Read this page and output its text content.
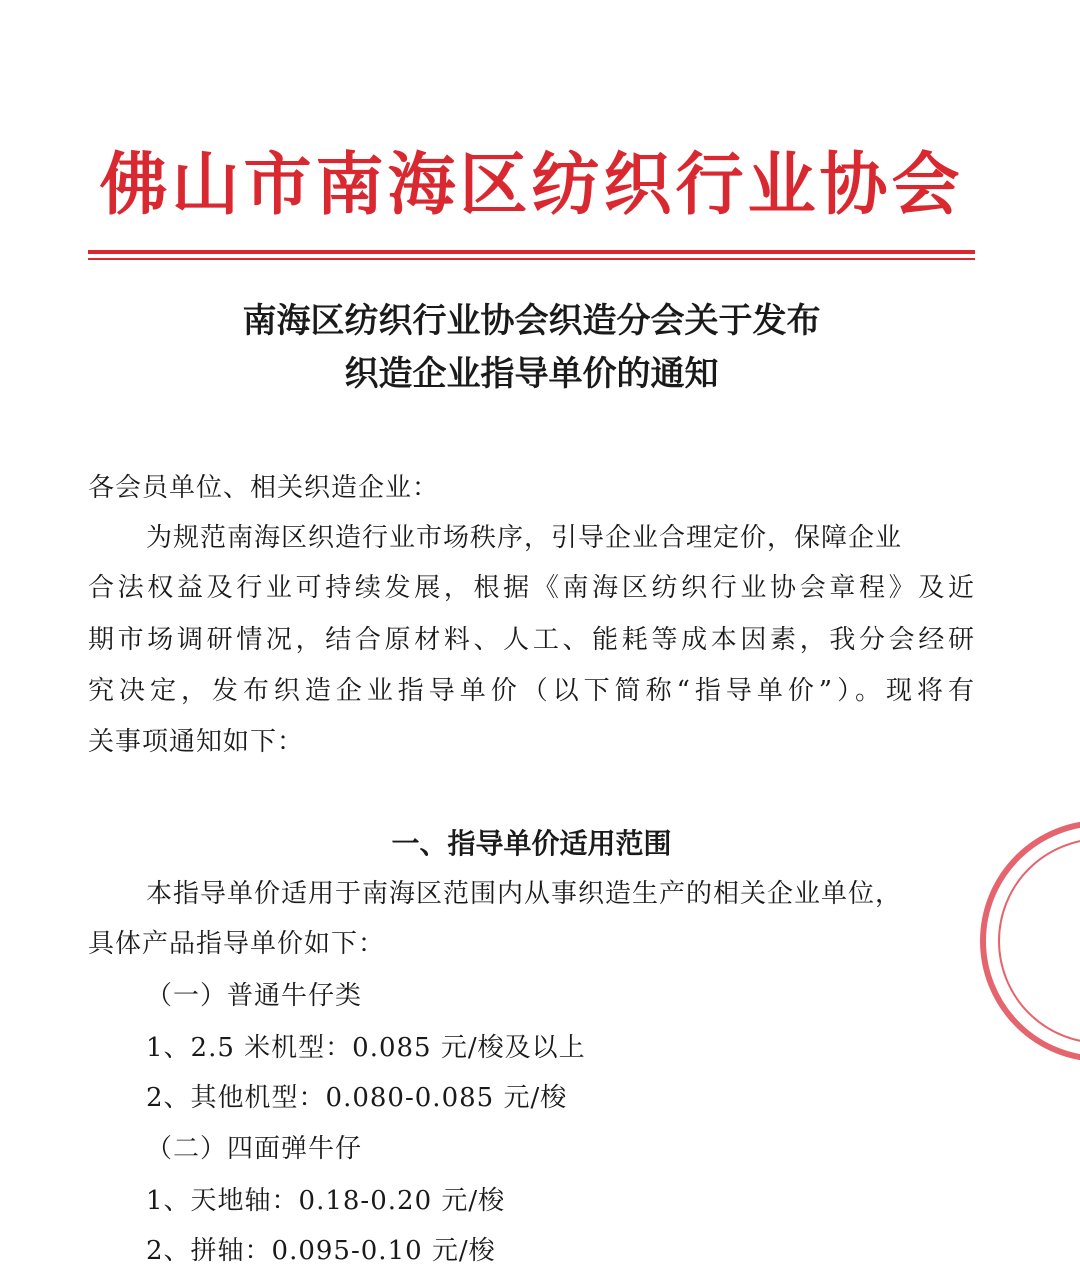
佛山市南海区纺织行业协会
南海区纺织行业协会织造分会关于发布
织造企业指导单价的通知
各会员单位、相关织造企业：
为规范南海区织造行业市场秩序，引导企业合理定价，保障企业
合法权益及行业可持续发展，根据《南海区纺织行业协会章程》及近
期市场调研情况，结合原材料、人工、能耗等成本因素，我分会经研
究决定，发布织造企业指导单价（以下简称“指导单价”）。现将有
关事项通知如下：
一、指导单价适用范围
本指导单价适用于南海区范围内从事织造生产的相关企业单位，
具体产品指导单价如下：
（一）普通牛仔类
1、2.5 米机型：0.085 元/梭及以上
2、其他机型：0.080-0.085 元/梭
（二）四面弹牛仔
1、天地轴：0.18-0.20 元/梭
2、拼轴：0.095-0.10 元/梭
